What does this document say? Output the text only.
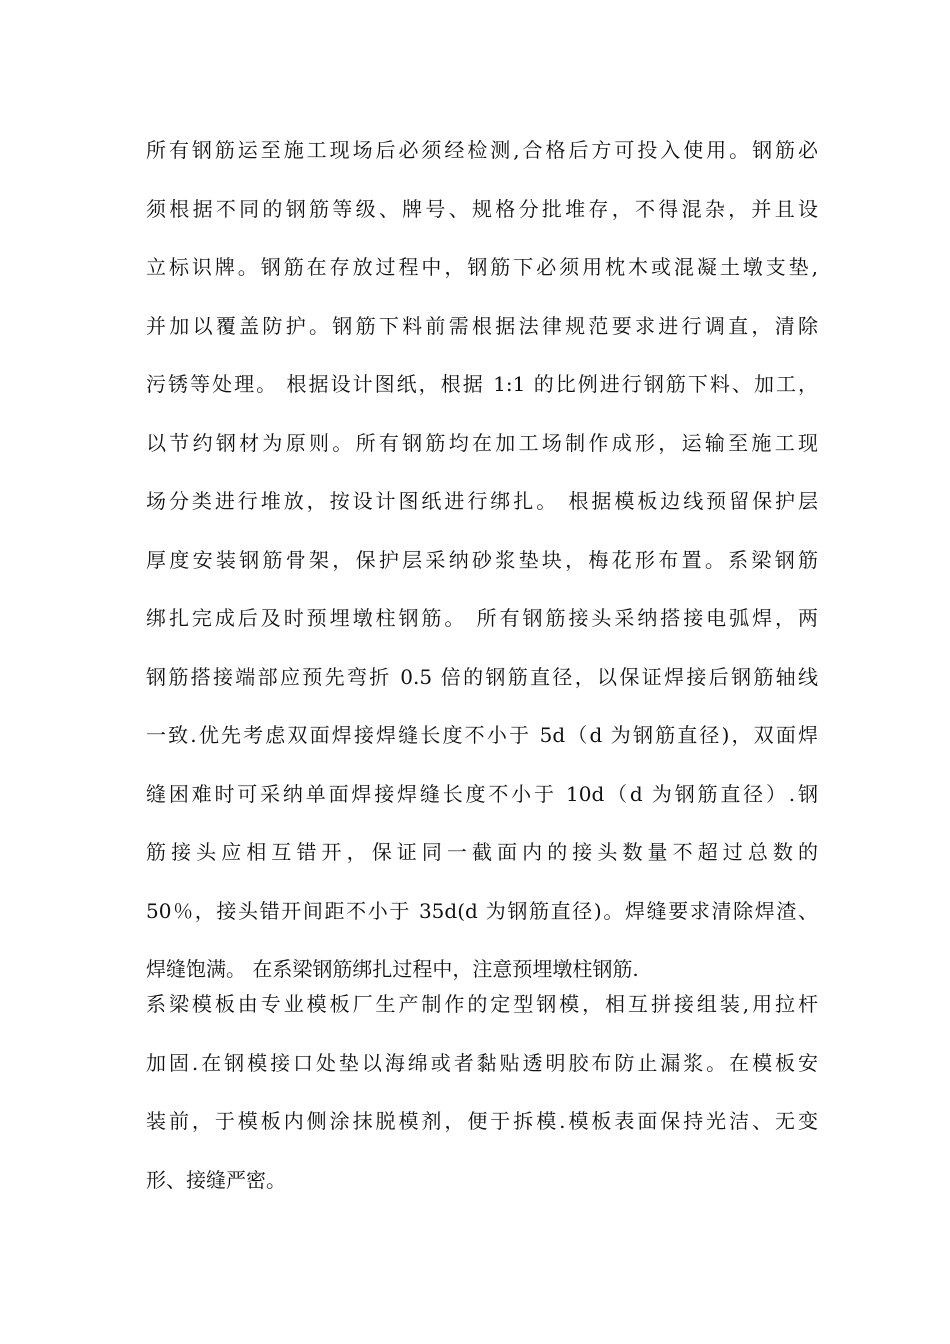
所有钢筋运至施工现场后必须经检测,合格后方可投入使用。钢筋必
须根据不同的钢筋等级、牌号、规格分批堆存，不得混杂，并且设
立标识牌。钢筋在存放过程中，钢筋下必须用枕木或混凝土墩支垫,
并加以覆盖防护。钢筋下料前需根据法律规范要求进行调直，清除
污锈等处理。 根据设计图纸，根据 1:1 的比例进行钢筋下料、加工，
以节约钢材为原则。所有钢筋均在加工场制作成形，运输至施工现
场分类进行堆放，按设计图纸进行绑扎。 根据模板边线预留保护层
厚度安装钢筋骨架，保护层采纳砂浆垫块，梅花形布置。系梁钢筋
绑扎完成后及时预埋墩柱钢筋。 所有钢筋接头采纳搭接电弧焊，两
钢筋搭接端部应预先弯折 0.5 倍的钢筋直径，以保证焊接后钢筋轴线
一致.优先考虑双面焊接焊缝长度不小于 5d（d 为钢筋直径)，双面焊
缝困难时可采纳单面焊接焊缝长度不小于 10d（d 为钢筋直径）.钢
筋接头应相互错开，保证同一截面内的接头数量不超过总数的
50％，接头错开间距不小于 35d(d 为钢筋直径)。焊缝要求清除焊渣、
焊缝饱满。 在系梁钢筋绑扎过程中，注意预埋墩柱钢筋.
系梁模板由专业模板厂生产制作的定型钢模，相互拼接组装,用拉杆
加固.在钢模接口处垫以海绵或者黏贴透明胶布防止漏浆。在模板安
装前，于模板内侧涂抹脱模剂，便于拆模.模板表面保持光洁、无变
形、接缝严密。
